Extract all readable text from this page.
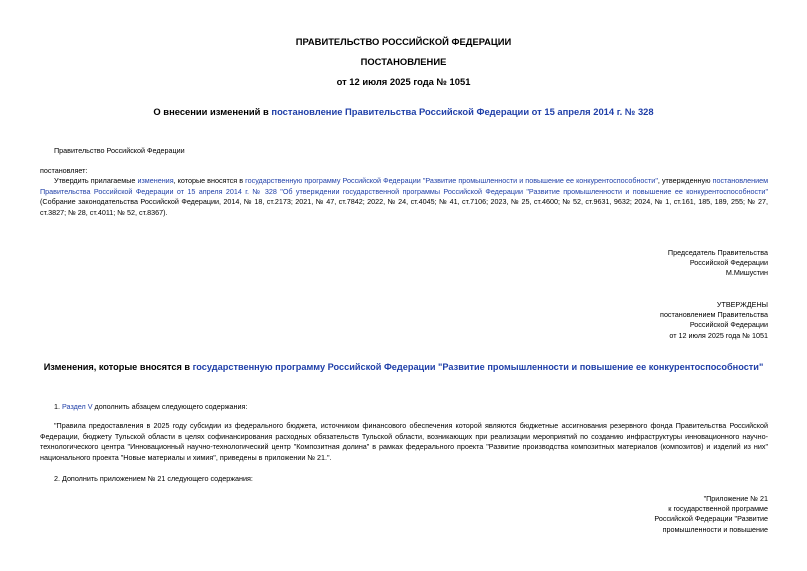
ПРАВИТЕЛЬСТВО РОССИЙСКОЙ ФЕДЕРАЦИИ
ПОСТАНОВЛЕНИЕ
от 12 июля 2025 года № 1051
О внесении изменений в постановление Правительства Российской Федерации от 15 апреля 2014 г. № 328
Правительство Российской Федерации
постановляет:
Утвердить прилагаемые изменения, которые вносятся в государственную программу Российской Федерации "Развитие промышленности и повышение ее конкурентоспособности", утвержденную постановлением
Правительства Российской Федерации от 15 апреля 2014 г. № 328 "Об утверждении государственной программы Российской Федерации "Развитие промышленности и повышение ее конкурентоспособности"
(Собрание законодательства Российской Федерации, 2014, № 18, ст.2173; 2021, № 47, ст.7842; 2022, № 24, ст.4045; № 41, ст.7106; 2023, № 25, ст.4600; № 52, ст.9631, 9632; 2024, № 1, ст.161, 185, 189, 255; № 27,
ст.3827; № 28, ст.4011; № 52, ст.8367).
Председатель Правительства
Российской Федерации
М.Мишустин
УТВЕРЖДЕНЫ
постановлением Правительства
Российской Федерации
от 12 июля 2025 года № 1051
Изменения, которые вносятся в государственную программу Российской Федерации "Развитие промышленности и повышение ее конкурентоспособности"
1. Раздел V дополнить абзацем следующего содержания:
"Правила предоставления в 2025 году субсидии из федерального бюджета, источником финансового обеспечения которой являются бюджетные ассигнования резервного фонда Правительства Российской
Федерации, бюджету Тульской области в целях софинансирования расходных обязательств Тульской области, возникающих при реализации мероприятий по созданию инфраструктуры инновационного научно-
технологического центра "Инновационный научно-технологический центр "Композитная долина" в рамках федерального проекта "Развитие производства композитных материалов (композитов) и изделий из них"
национального проекта "Новые материалы и химия", приведены в приложении № 21.".
2. Дополнить приложением № 21 следующего содержания:
"Приложение № 21
к государственной программе
Российской Федерации "Развитие
промышленности и повышение
